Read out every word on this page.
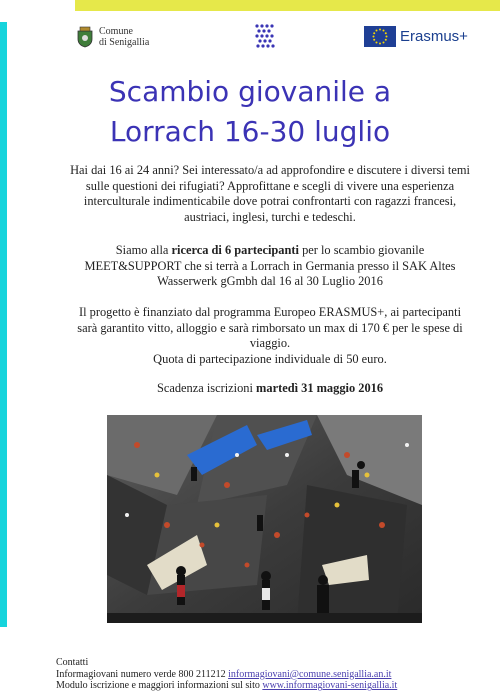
Comune
di Senigallia	Erasmus+
Scambio giovanile a
Lorrach 16-30 luglio

Hai dai 16 ai 24 anni? Sei interessato/a ad approfondire e discutere i diversi temi sulle questioni dei rifugiati? Approfittane e scegli di vivere una esperienza interculturale indimenticabile dove potrai confrontarti con ragazzi francesi, austriaci, inglesi, turchi e tedeschi.

Siamo alla ricerca di 6 partecipanti per lo scambio giovanile MEET&SUPPORT che si terrà a Lorrach in Germania presso il SAK Altes Wasserwerk gGmbh dal 16 al 30 Luglio 2016

Il progetto è finanziato dal programma Europeo ERASMUS+, ai partecipanti sarà garantito vitto, alloggio e sarà rimborsato un max di 170 € per le spese di viaggio.
Quota di partecipazione individuale di 50 euro.

Scadenza iscrizioni martedì 31 maggio 2016

Contatti
Informagiovani numero verde 800 211212 informagiovani@comune.senigallia.an.it
Modulo iscrizione e maggiori informazioni sul sito www.informagiovani-senigallia.it
